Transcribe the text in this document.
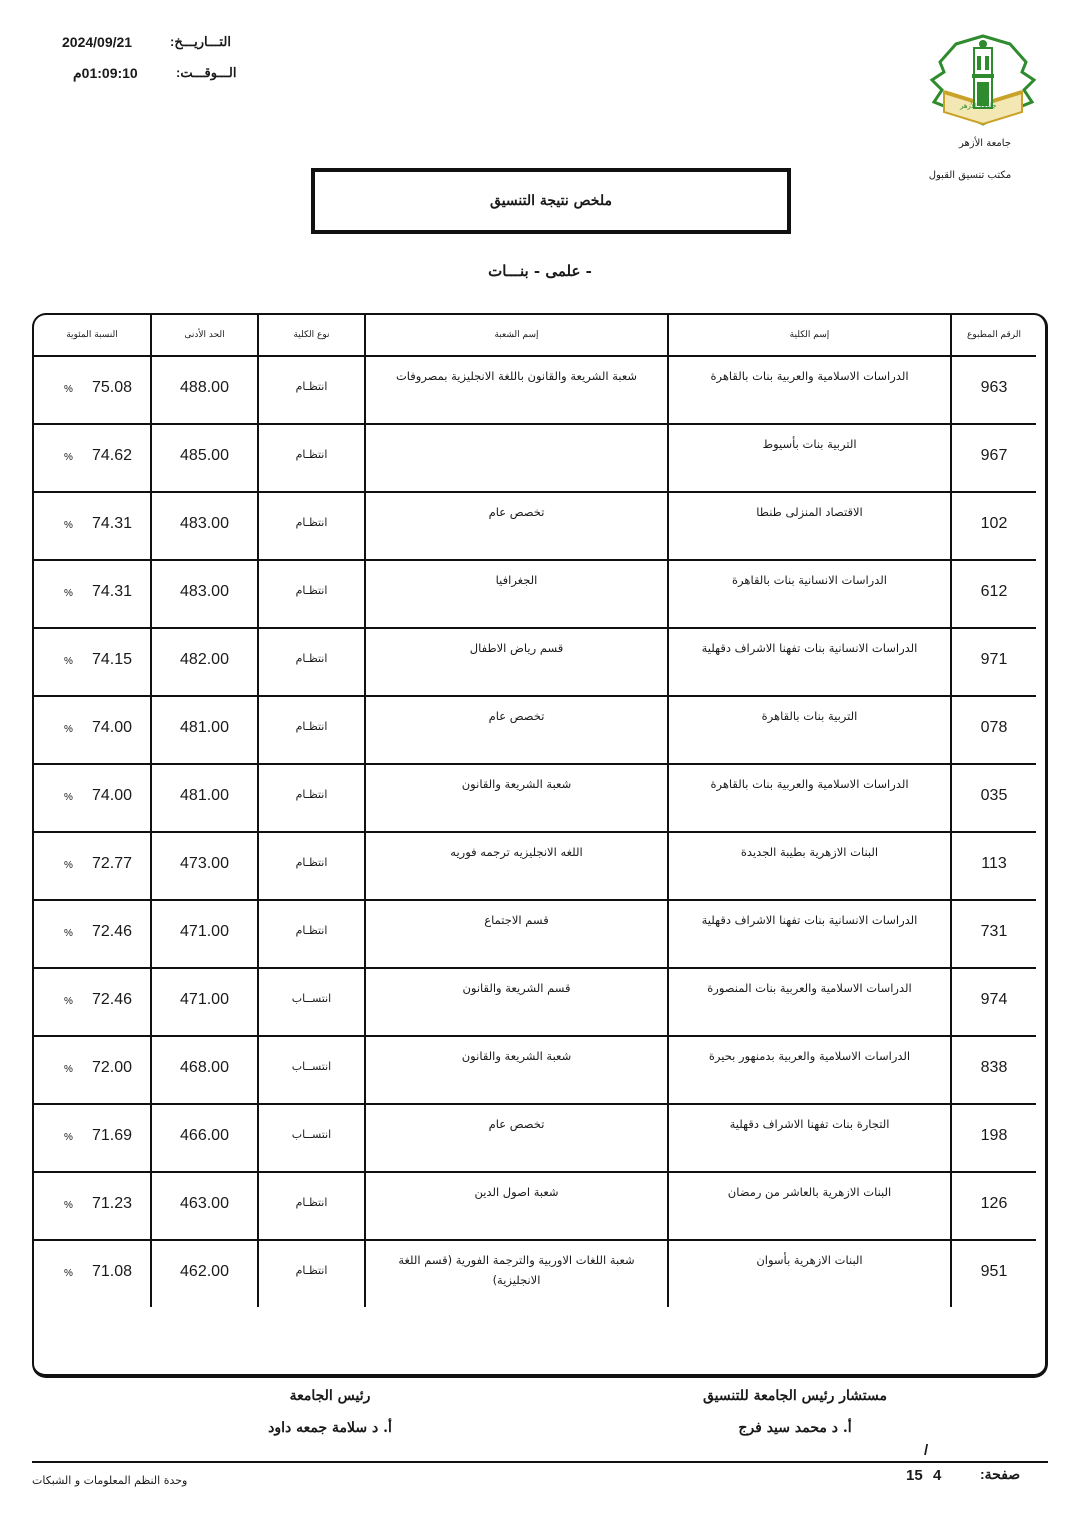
2024/09/21	التـــاريـــخ:
01:09:10م	الـــوقـــت:
جامعة الأزهر
جامعة الأزهر
مكتب تنسيق القبول
ملخص نتيجة التنسيق
- علمى - بنـــات
النسبة المئوية	الحد الأدنى	نوع الكلية	إسم الشعبة	إسم الكلية	الرقم المطبوع

% 75.08	488.00	انتظـام	شعبة الشريعة والقانون باللغة الانجليزية بمصروفات	الدراسات الاسلامية والعربية بنات بالقاهرة	963

% 74.62	485.00	انتظـام		التربية بنات بأسيوط	967

% 74.31	483.00	انتظـام	تخصص عام	الاقتصاد المنزلى طنطا	102

% 74.31	483.00	انتظـام	الجغرافيا	الدراسات الانسانية بنات بالقاهرة	612

% 74.15	482.00	انتظـام	قسم رياض الاطفال	الدراسات الانسانية بنات تفهنا الاشراف دقهلية	971

% 74.00	481.00	انتظـام	تخصص عام	التربية بنات بالقاهرة	078

% 74.00	481.00	انتظـام	شعبة الشريعة والقانون	الدراسات الاسلامية والعربية بنات بالقاهرة	035

% 72.77	473.00	انتظـام	اللغه الانجليزيه ترجمه فوريه	البنات الازهرية بطيبة الجديدة	113

% 72.46	471.00	انتظـام	قسم الاجتماع	الدراسات الانسانية بنات تفهنا الاشراف دقهلية	731

% 72.46	471.00	انتســاب	قسم الشريعة والقانون	الدراسات الاسلامية والعربية بنات المنصورة	974

% 72.00	468.00	انتســاب	شعبة الشريعة والقانون	الدراسات الاسلامية والعربية بدمنهور بحيرة	838

% 71.69	466.00	انتســاب	تخصص عام	التجارة بنات تفهنا الاشراف دقهلية	198

% 71.23	463.00	انتظـام	شعبة اصول الدين	البنات الازهرية بالعاشر من رمضان	126

% 71.08	462.00	انتظـام	شعبة اللغات الاوربية والترجمة الفورية (قسم اللغة الانجليزية)	البنات الازهرية بأسوان	951
رئيس الجامعة
أ. د سلامة جمعه داود
مستشار رئيس الجامعة للتنسيق
أ. د محمد سيد فرج
/
صفحة:
4
15
وحدة النظم المعلومات و الشبكات
